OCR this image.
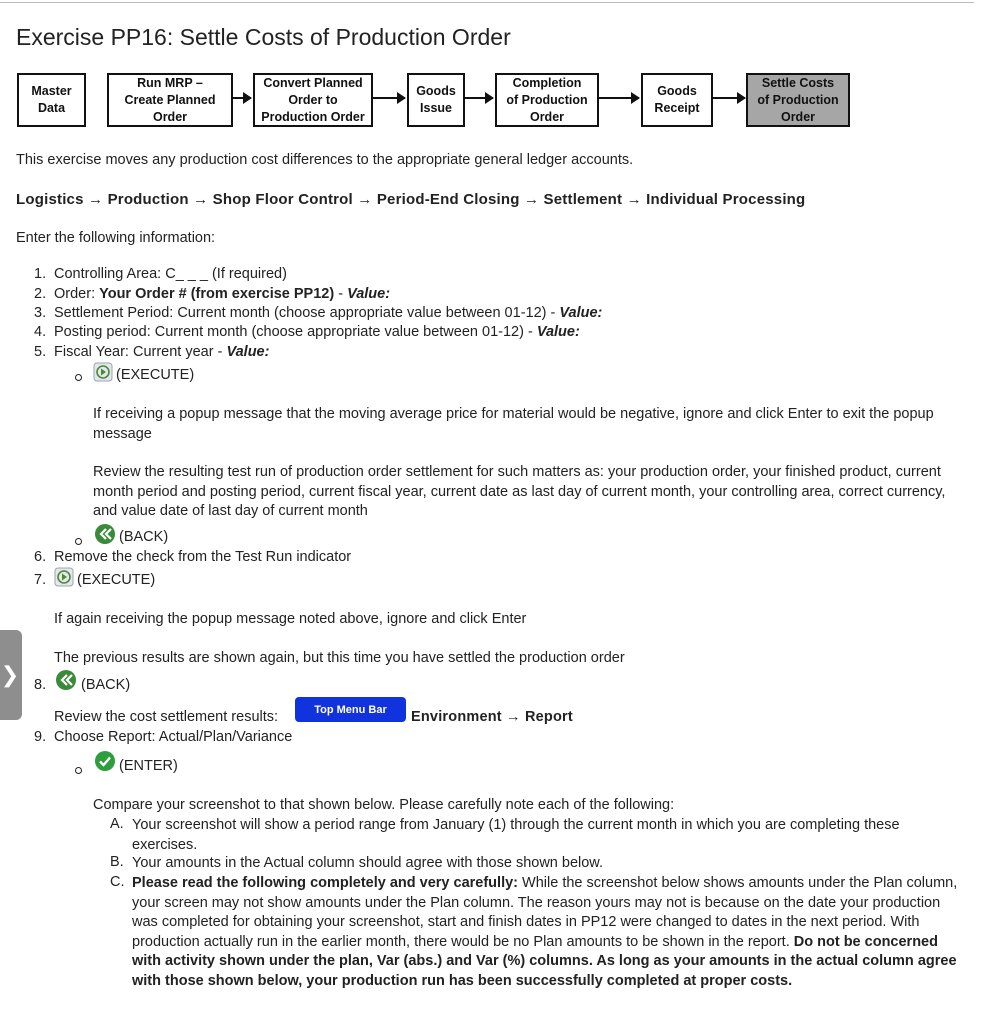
Exercise PP16: Settle Costs of Production Order
Master
Data
Run MRP –
Create Planned
Order
Convert Planned
Order to
Production Order
Goods
Issue
Completion
of Production
Order
Goods
Receipt
Settle Costs
of Production
Order
This exercise moves any production cost differences to the appropriate general ledger accounts.
Logistics → Production → Shop Floor Control → Period-End Closing → Settlement → Individual Processing
Enter the following information:
1. Controlling Area: C_ _ _ (If required)
2. Order: Your Order # (from exercise PP12) - Value:
3. Settlement Period: Current month (choose appropriate value between 01-12) - Value:
4. Posting period: Current month (choose appropriate value between 01-12) - Value:
5. Fiscal Year: Current year - Value:
(EXECUTE)
If receiving a popup message that the moving average price for material would be negative, ignore and click Enter to exit the popup message
Review the resulting test run of production order settlement for such matters as: your production order, your finished product, current month period and posting period, current fiscal year, current date as last day of current month, your controlling area, correct currency, and value date of last day of current month
(BACK)
6. Remove the check from the Test Run indicator
7. (EXECUTE)
If again receiving the popup message noted above, ignore and click Enter
The previous results are shown again, but this time you have settled the production order
8. (BACK)
Review the cost settlement results:	Top Menu Bar	Environment → Report
9. Choose Report: Actual/Plan/Variance
(ENTER)
Compare your screenshot to that shown below. Please carefully note each of the following:
A. Your screenshot will show a period range from January (1) through the current month in which you are completing these exercises.
B. Your amounts in the Actual column should agree with those shown below.
C. Please read the following completely and very carefully: While the screenshot below shows amounts under the Plan column, your screen may not show amounts under the Plan column. The reason yours may not is because on the date your production was completed for obtaining your screenshot, start and finish dates in PP12 were changed to dates in the next period. With production actually run in the earlier month, there would be no Plan amounts to be shown in the report. Do not be concerned with activity shown under the plan, Var (abs.) and Var (%) columns. As long as your amounts in the actual column agree with those shown below, your production run has been successfully completed at proper costs.
❯
